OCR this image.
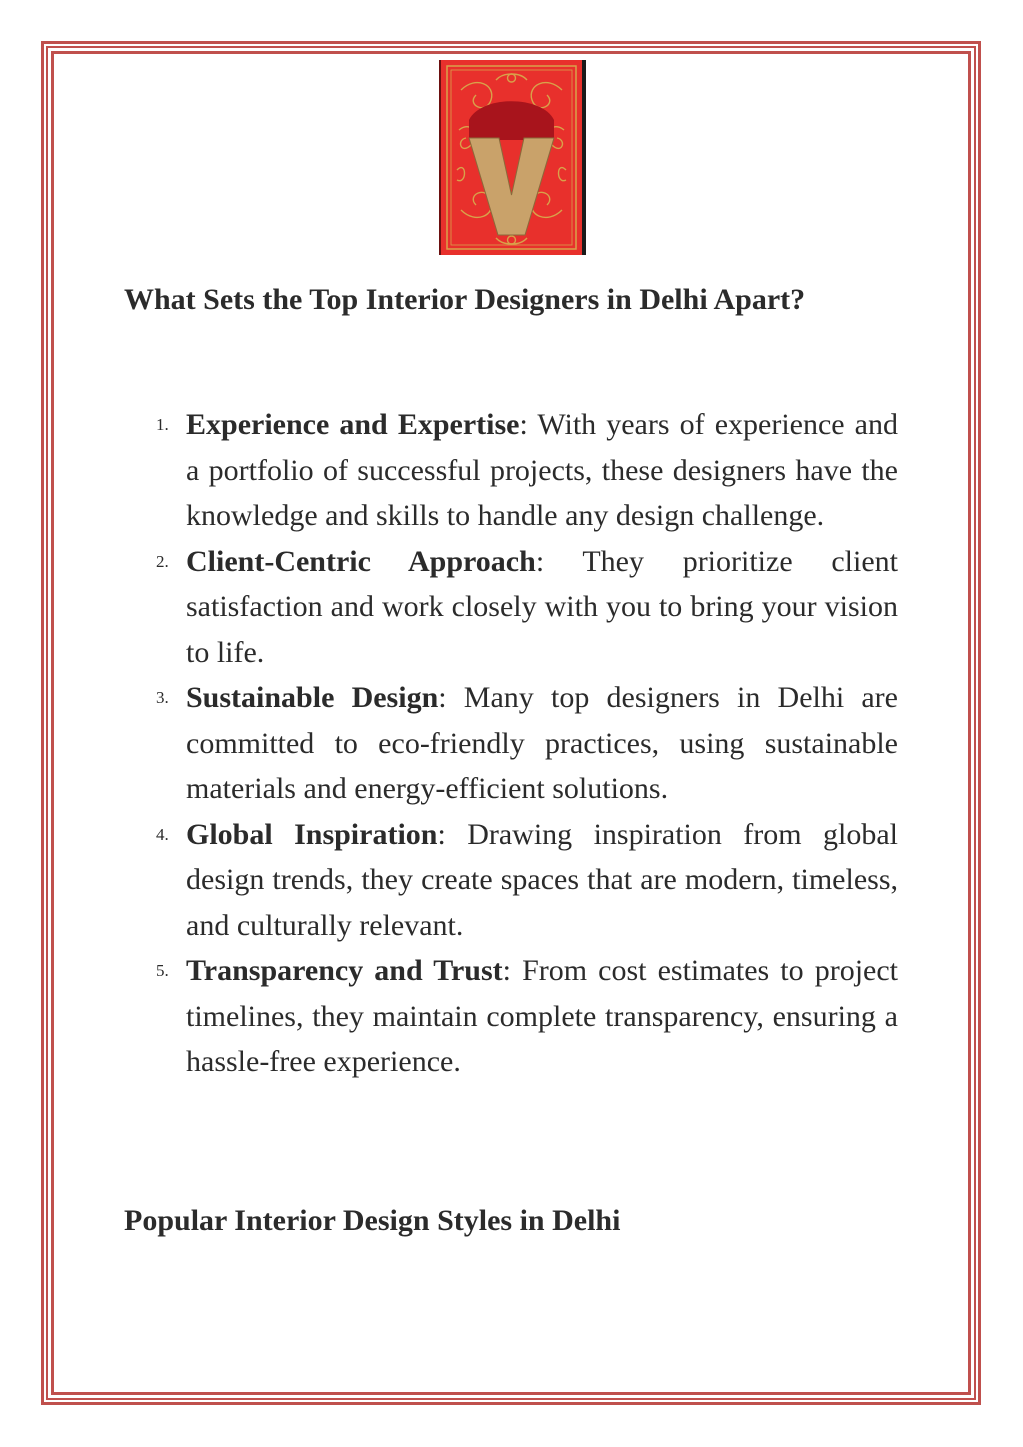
What Sets the Top Interior Designers in Delhi Apart?
1. Experience and Expertise: With years of experience and a portfolio of successful projects, these designers have the knowledge and skills to handle any design challenge.
2. Client-Centric Approach: They prioritize client satisfaction and work closely with you to bring your vision to life.
3. Sustainable Design: Many top designers in Delhi are committed to eco-friendly practices, using sustainable materials and energy-efficient solutions.
4. Global Inspiration: Drawing inspiration from global design trends, they create spaces that are modern, timeless, and culturally relevant.
5. Transparency and Trust: From cost estimates to project timelines, they maintain complete transparency, ensuring a hassle-free experience.
Popular Interior Design Styles in Delhi
